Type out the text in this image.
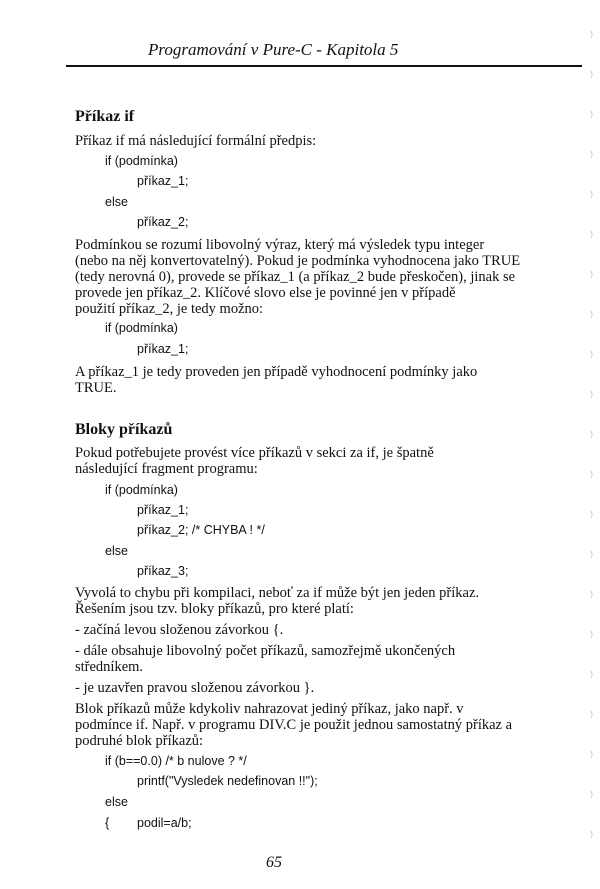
Programování v Pure-C - Kapitola 5
Příkaz if
Příkaz if má následující formální předpis:
if (podmínka)
příkaz_1;
else
příkaz_2;
Podmínkou se rozumí libovolný výraz, který má výsledek typu integer
(nebo na něj konvertovatelný). Pokud je podmínka vyhodnocena jako TRUE
(tedy nerovná 0), provede se příkaz_1 (a příkaz_2 bude přeskočen), jinak se
provede jen příkaz_2. Klíčové slovo else je povinné jen v případě
použití příkaz_2, je tedy možno:
if (podmínka)
příkaz_1;
A příkaz_1 je tedy proveden jen případě vyhodnocení podmínky jako
TRUE.
Bloky příkazů
Pokud potřebujete provést více příkazů v sekci za if, je špatně
následující fragment programu:
if (podmínka)
příkaz_1;
příkaz_2; /* CHYBA ! */
else
příkaz_3;
Vyvolá to chybu při kompilaci, neboť za if může být jen jeden příkaz.
Řešením jsou tzv. bloky příkazů, pro které platí:
- začíná levou složenou závorkou {.
- dále obsahuje libovolný počet příkazů, samozřejmě ukončených
středníkem.
- je uzavřen pravou složenou závorkou }.
Blok příkazů může kdykoliv nahrazovat jediný příkaz, jako např. v
podmínce if. Např. v programu DIV.C je použit jednou samostatný příkaz a
podruhé blok příkazů:
if (b==0.0) /* b nulove ? */
printf("Vysledek nedefinovan !!");
else
{ podil=a/b;
65
)
)
)
)
)
)
)
)
)
)
)
)
)
)
)
)
)
)
)
)
)
